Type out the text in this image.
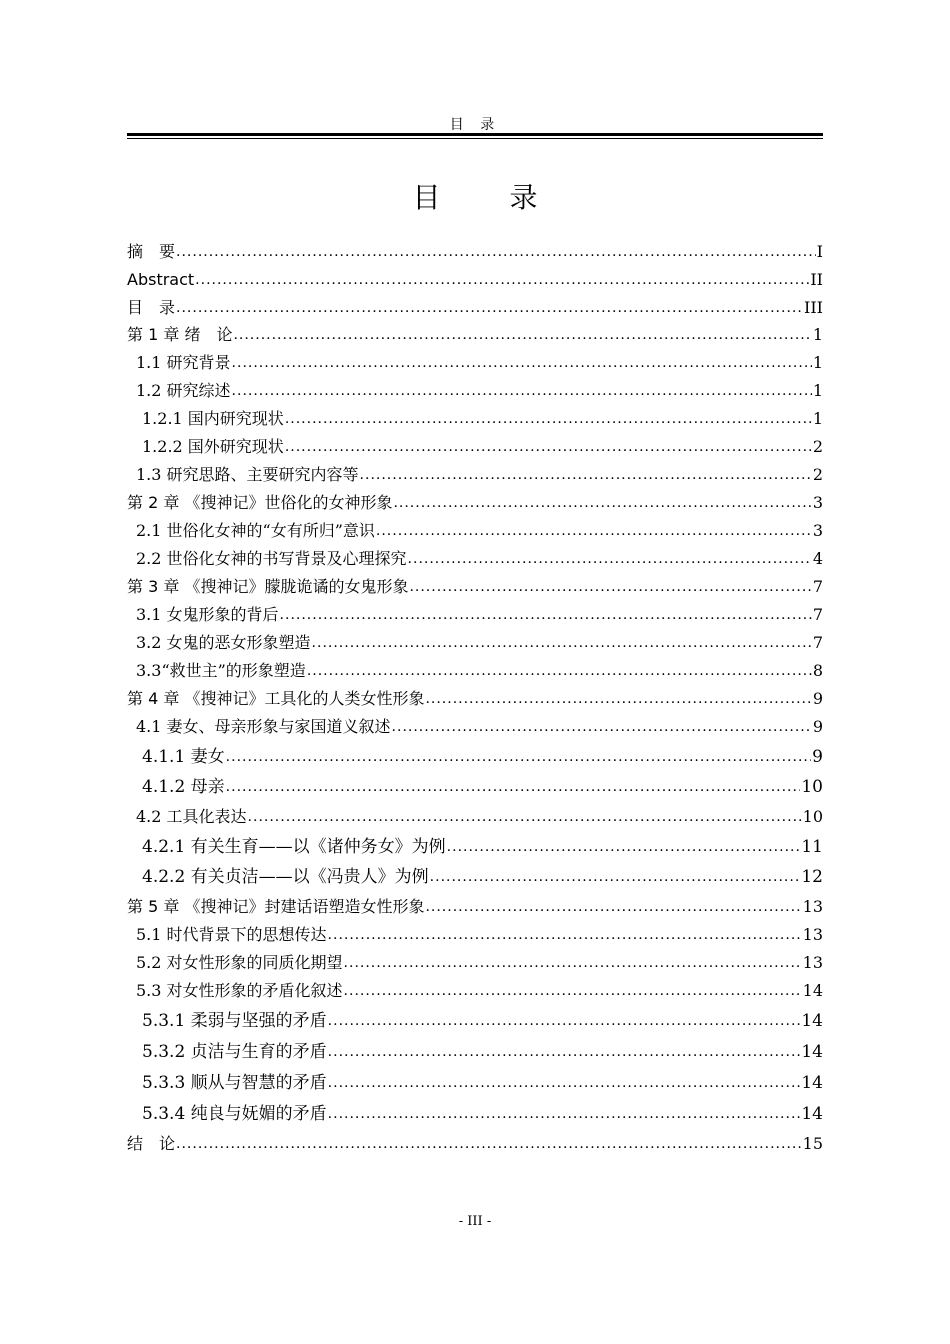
目 录
目 录
摘　要 .....	I
Abstract .....	II
目　录 .....	III
第 1 章 绪　论 .....	1
1.1 研究背景 .....	1
1.2 研究综述 .....	1
1.2.1 国内研究现状 .....	1
1.2.2 国外研究现状 .....	2
1.3 研究思路、主要研究内容等 .....	2
第 2 章 《搜神记》世俗化的女神形象 .....	3
2.1 世俗化女神的“女有所归”意识 .....	3
2.2 世俗化女神的书写背景及心理探究 .....	4
第 3 章 《搜神记》朦胧诡谲的女鬼形象 .....	7
3.1 女鬼形象的背后 .....	7
3.2 女鬼的恶女形象塑造 .....	7
3.3“救世主”的形象塑造 .....	8
第 4 章 《搜神记》工具化的人类女性形象 .....	9
4.1 妻女、母亲形象与家国道义叙述 .....	9
4.1.1 妻女 .....	9
4.1.2 母亲 .....	10
4.2 工具化表达 .....	10
4.2.1 有关生育——以《诸仲务女》为例 .....	11
4.2.2 有关贞洁——以《冯贵人》为例 .....	12
第 5 章 《搜神记》封建话语塑造女性形象 .....	13
5.1 时代背景下的思想传达 .....	13
5.2 对女性形象的同质化期望 .....	13
5.3 对女性形象的矛盾化叙述 .....	14
5.3.1 柔弱与坚强的矛盾 .....	14
5.3.2 贞洁与生育的矛盾 .....	14
5.3.3 顺从与智慧的矛盾 .....	14
5.3.4 纯良与妩媚的矛盾 .....	14
结　论 .....	15
- III -
